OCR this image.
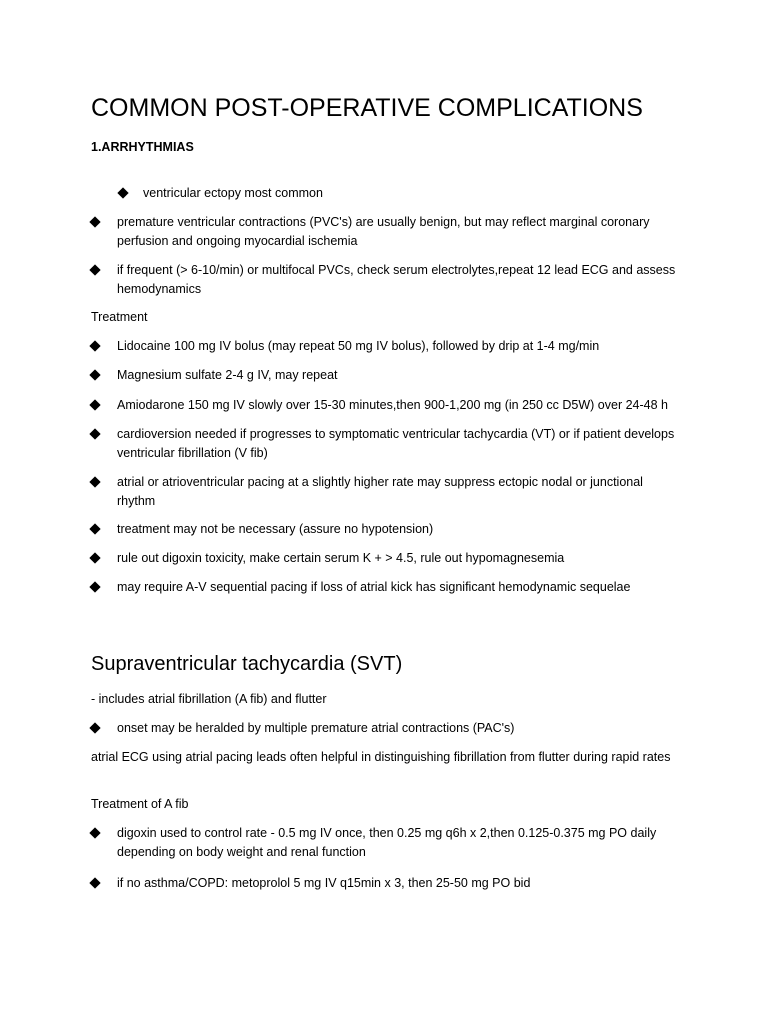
COMMON POST-OPERATIVE COMPLICATIONS
1.ARRHYTHMIAS
ventricular ectopy most common
premature ventricular contractions (PVC's) are usually benign, but may reflect marginal coronary perfusion and ongoing myocardial ischemia
if frequent (> 6-10/min) or multifocal PVCs, check serum electrolytes,repeat 12 lead ECG and assess hemodynamics
Treatment
Lidocaine 100 mg IV bolus (may repeat 50 mg IV bolus), followed by drip at 1-4 mg/min
Magnesium sulfate 2-4 g IV, may repeat
Amiodarone 150 mg IV slowly over 15-30 minutes,then 900-1,200 mg (in 250 cc D5W) over 24-48 h
cardioversion needed if progresses to symptomatic ventricular tachycardia (VT) or if patient develops ventricular fibrillation (V fib)
atrial or atrioventricular pacing at a slightly higher rate may suppress ectopic nodal or junctional rhythm
treatment may not be necessary (assure no hypotension)
rule out digoxin toxicity, make certain serum K + > 4.5, rule out hypomagnesemia
may require A-V sequential pacing if loss of atrial kick has significant hemodynamic sequelae
Supraventricular tachycardia (SVT)
- includes atrial fibrillation (A fib) and flutter
onset may be heralded by multiple premature atrial contractions (PAC's)
atrial ECG using atrial pacing leads often helpful in distinguishing fibrillation from flutter during rapid rates
Treatment of A fib
digoxin used to control rate - 0.5 mg IV once, then 0.25 mg q6h x 2,then 0.125-0.375 mg PO daily depending on body weight and renal function
if no asthma/COPD: metoprolol 5 mg IV q15min x 3, then 25-50 mg PO bid
